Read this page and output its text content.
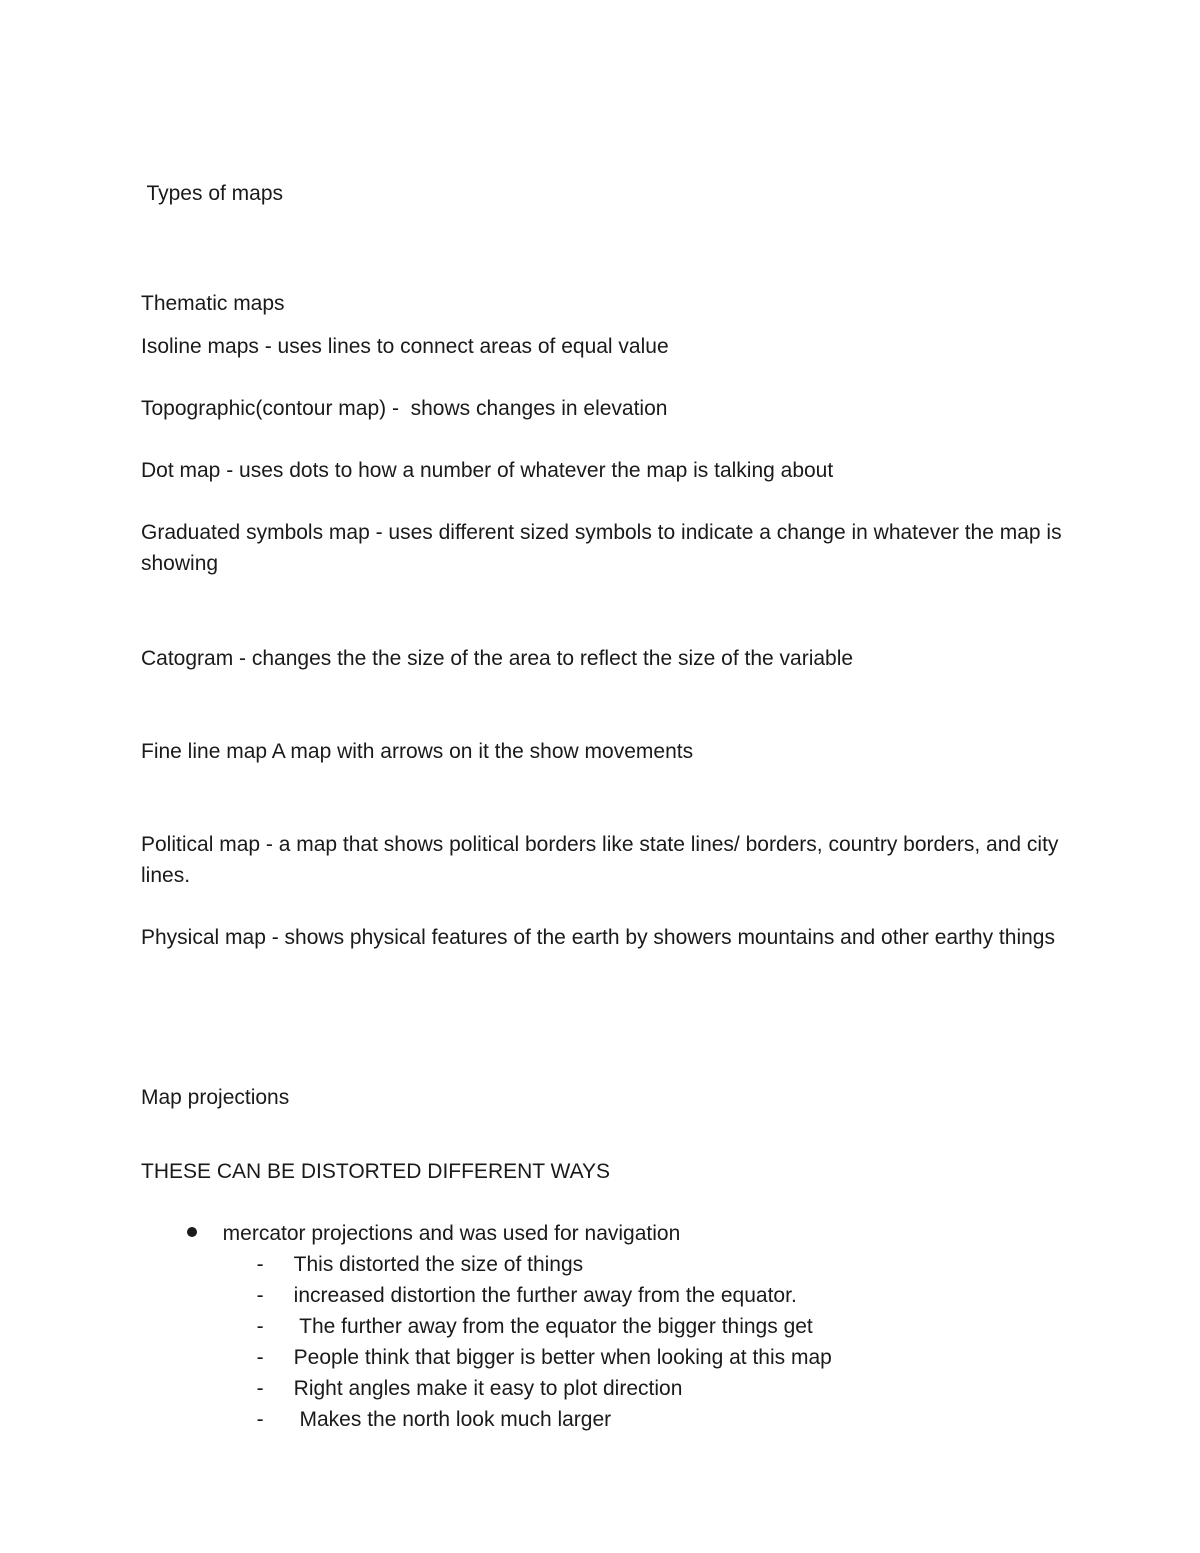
Types of maps

Thematic maps

Isoline maps - uses lines to connect areas of equal value

Topographic(contour map) -  shows changes in elevation

Dot map - uses dots to how a number of whatever the map is talking about

Graduated symbols map - uses different sized symbols to indicate a change in whatever the map is showing

Catogram - changes the the size of the area to reflect the size of the variable

Fine line map A map with arrows on it the show movements

Political map - a map that shows political borders like state lines/ borders, country borders, and city lines.

Physical map - shows physical features of the earth by showers mountains and other earthy things

Map projections

THESE CAN BE DISTORTED DIFFERENT WAYS

mercator projections and was used for navigation

- This distorted the size of things

- increased distortion the further away from the equator.

- The further away from the equator the bigger things get

- People think that bigger is better when looking at this map

- Right angles make it easy to plot direction

- Makes the north look much larger
